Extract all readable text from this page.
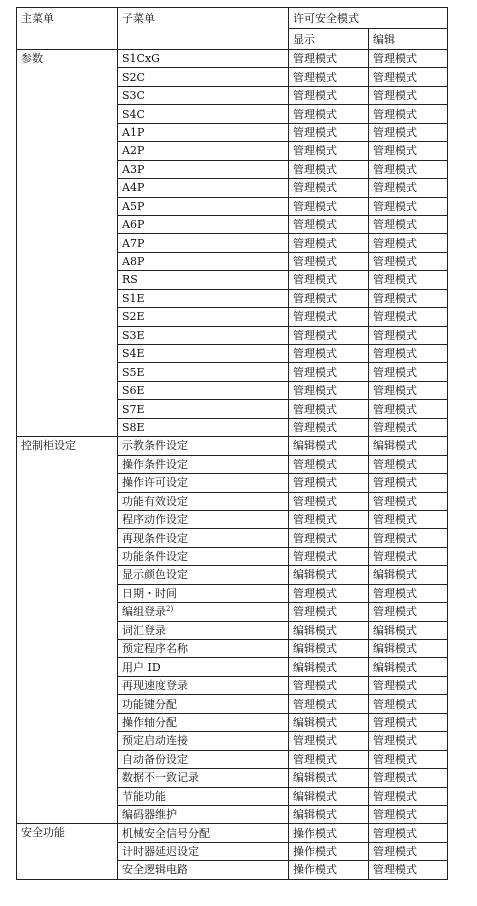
主菜单	子菜单	许可安全模式	
		显示	编辑
参数	S1CxG	管理模式	管理模式
	S2C	管理模式	管理模式
	S3C	管理模式	管理模式
	S4C	管理模式	管理模式
	A1P	管理模式	管理模式
	A2P	管理模式	管理模式
	A3P	管理模式	管理模式
	A4P	管理模式	管理模式
	A5P	管理模式	管理模式
	A6P	管理模式	管理模式
	A7P	管理模式	管理模式
	A8P	管理模式	管理模式
	RS	管理模式	管理模式
	S1E	管理模式	管理模式
	S2E	管理模式	管理模式
	S3E	管理模式	管理模式
	S4E	管理模式	管理模式
	S5E	管理模式	管理模式
	S6E	管理模式	管理模式
	S7E	管理模式	管理模式
	S8E	管理模式	管理模式
控制柜设定	示教条件设定	编辑模式	编辑模式
	操作条件设定	管理模式	管理模式
	操作许可设定	管理模式	管理模式
	功能有效设定	管理模式	管理模式
	程序动作设定	管理模式	管理模式
	再现条件设定	管理模式	管理模式
	功能条件设定	管理模式	管理模式
	显示颜色设定	编辑模式	编辑模式
	日期・时间	管理模式	管理模式
	编组登录$^{2)}$	管理模式	管理模式
	词汇登录	编辑模式	编辑模式
	预定程序名称	编辑模式	编辑模式
	用户 ID	编辑模式	编辑模式
	再现速度登录	管理模式	管理模式
	功能键分配	管理模式	管理模式
	操作轴分配	编辑模式	管理模式
	预定启动连接	管理模式	管理模式
	自动备份设定	管理模式	管理模式
	数据不一致记录	编辑模式	管理模式
	节能功能	编辑模式	管理模式
	编码器维护	编辑模式	管理模式
安全功能	机械安全信号分配	操作模式	管理模式
	计时器延迟设定	操作模式	管理模式
	安全逻辑电路	操作模式	管理模式
